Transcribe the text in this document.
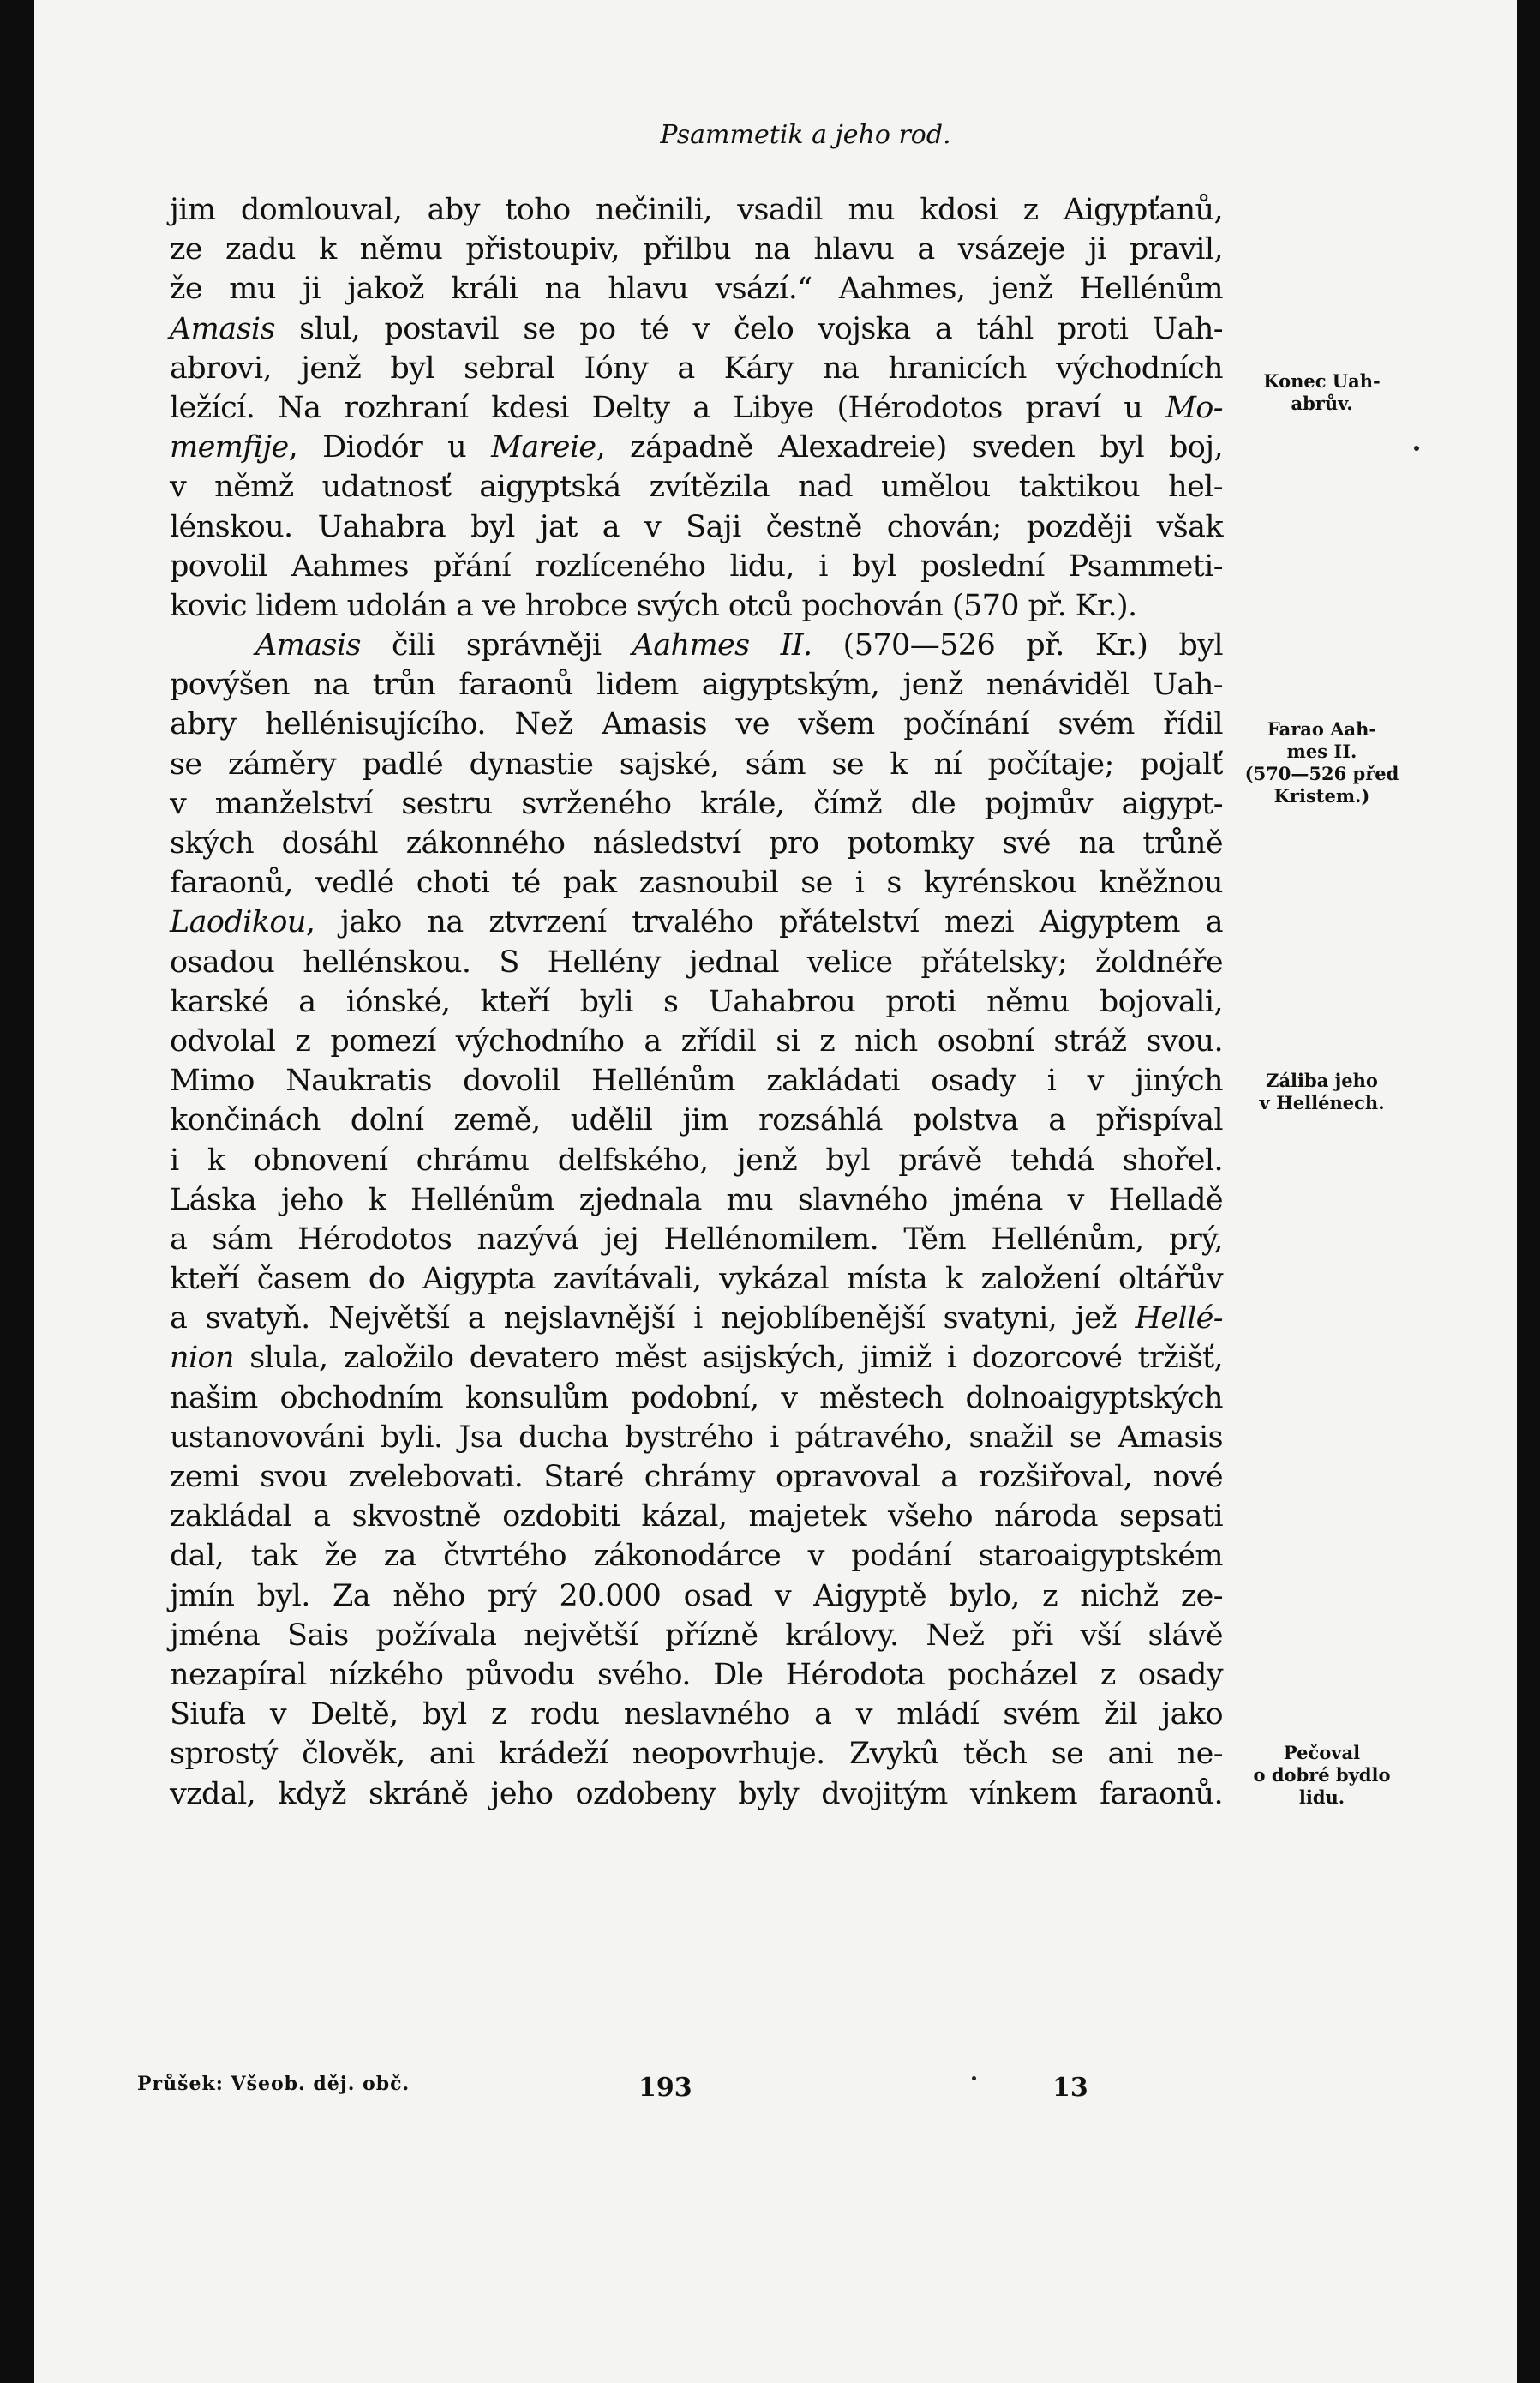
Psammetik a jeho rod.
jim domlouval, aby toho nečinili, vsadil mu kdosi z Aigypťanů,
ze zadu k němu přistoupiv, přilbu na hlavu a vsázeje ji pravil,
že mu ji jakož králi na hlavu vsází.“ Aahmes, jenž Hellénům
Amasis slul, postavil se po té v čelo vojska a táhl proti Uah-
abrovi, jenž byl sebral Ióny a Káry na hranicích východních
ležící. Na rozhraní kdesi Delty a Libye (Hérodotos praví u Mo-
memfije, Diodór u Mareie, západně Alexadreie) sveden byl boj,
v němž udatnosť aigyptská zvítězila nad umělou taktikou hel-
lénskou. Uahabra byl jat a v Saji čestně chován; později však
povolil Aahmes přání rozlíceného lidu, i byl poslední Psammeti-
kovic lidem udolán a ve hrobce svých otců pochován (570 př. Kr.).
Amasis čili správněji Aahmes II. (570—526 př. Kr.) byl
povýšen na trůn faraonů lidem aigyptským, jenž nenáviděl Uah-
abry hellénisujícího. Než Amasis ve všem počínání svém řídil
se záměry padlé dynastie sajské, sám se k ní počítaje; pojalť
v manželství sestru svrženého krále, čímž dle pojmův aigypt-
ských dosáhl zákonného následství pro potomky své na trůně
faraonů, vedlé choti té pak zasnoubil se i s kyrénskou kněžnou
Laodikou, jako na ztvrzení trvalého přátelství mezi Aigyptem a
osadou hellénskou. S Hellény jednal velice přátelsky; žoldnéře
karské a iónské, kteří byli s Uahabrou proti němu bojovali,
odvolal z pomezí východního a zřídil si z nich osobní stráž svou.
Mimo Naukratis dovolil Hellénům zakládati osady i v jiných
končinách dolní země, udělil jim rozsáhlá polstva a přispíval
i k obnovení chrámu delfského, jenž byl právě tehdá shořel.
Láska jeho k Hellénům zjednala mu slavného jména v Helladě
a sám Hérodotos nazývá jej Hellénomilem. Těm Hellénům, prý,
kteří časem do Aigypta zavítávali, vykázal místa k založení oltářův
a svatyň. Největší a nejslavnější i nejoblíbenější svatyni, jež Hellé-
nion slula, založilo devatero měst asijských, jimiž i dozorcové tržišť,
našim obchodním konsulům podobní, v městech dolnoaigyptských
ustanovováni byli. Jsa ducha bystrého i pátravého, snažil se Amasis
zemi svou zvelebovati. Staré chrámy opravoval a rozšiřoval, nové
zakládal a skvostně ozdobiti kázal, majetek všeho národa sepsati
dal, tak že za čtvrtého zákonodárce v podání staroaigyptském
jmín byl. Za něho prý 20.000 osad v Aigyptě bylo, z nichž ze-
jména Sais požívala největší přízně královy. Než při vší slávě
nezapíral nízkého původu svého. Dle Hérodota pocházel z osady
Siufa v Deltě, byl z rodu neslavného a v mládí svém žil jako
sprostý člověk, ani krádeží neopovrhuje. Zvykû těch se ani ne-
vzdal, když skráně jeho ozdobeny byly dvojitým vínkem faraonů.
Konec Uah-
abrův.
Farao Aah-
mes II.
(570—526 před
Kristem.)
Záliba jeho
v Hellénech.
Pečoval
o dobré bydlo
lidu.
Průšek: Všeob. děj. obč.	193	13
